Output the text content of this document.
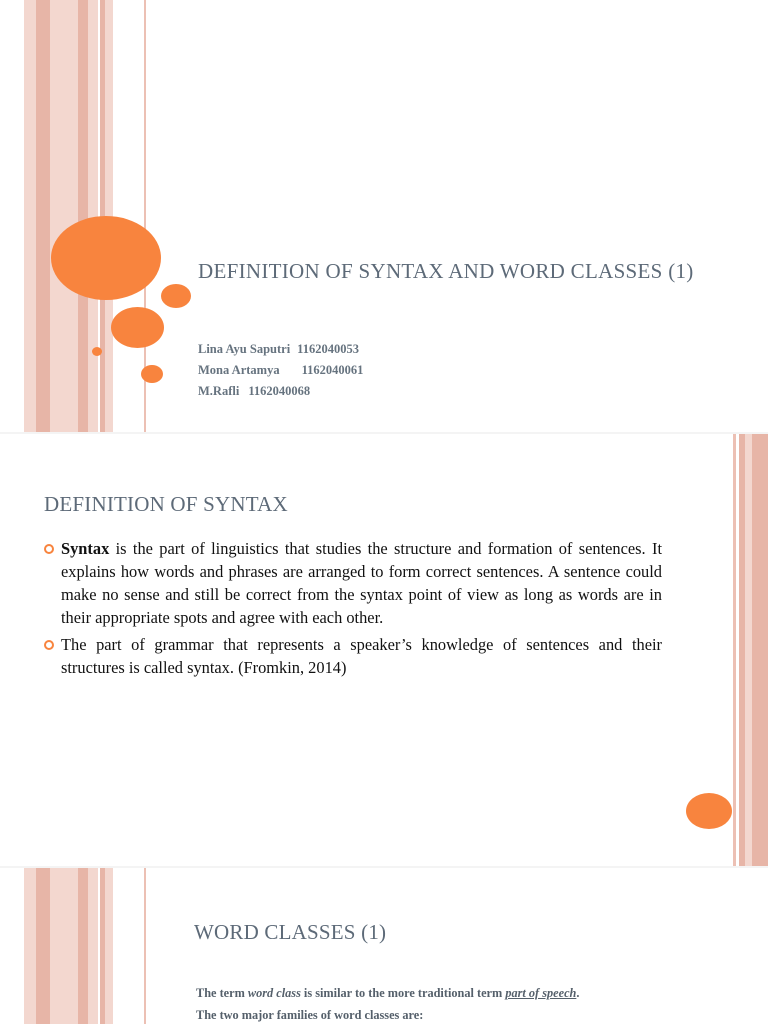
DEFINITION OF SYNTAX AND WORD CLASSES (1)
Lina Ayu Saputri 1162040053
Mona Artamya 1162040061
M.Rafli 1162040068
DEFINITION OF SYNTAX
Syntax is the part of linguistics that studies the structure and formation of sentences. It explains how words and phrases are arranged to form correct sentences. A sentence could make no sense and still be correct from the syntax point of view as long as words are in their appropriate spots and agree with each other.
The part of grammar that represents a speaker’s knowledge of sentences and their structures is called syntax. (Fromkin, 2014)
WORD CLASSES (1)
The term word class is similar to the more traditional term part of speech.
The two major families of word classes are:
